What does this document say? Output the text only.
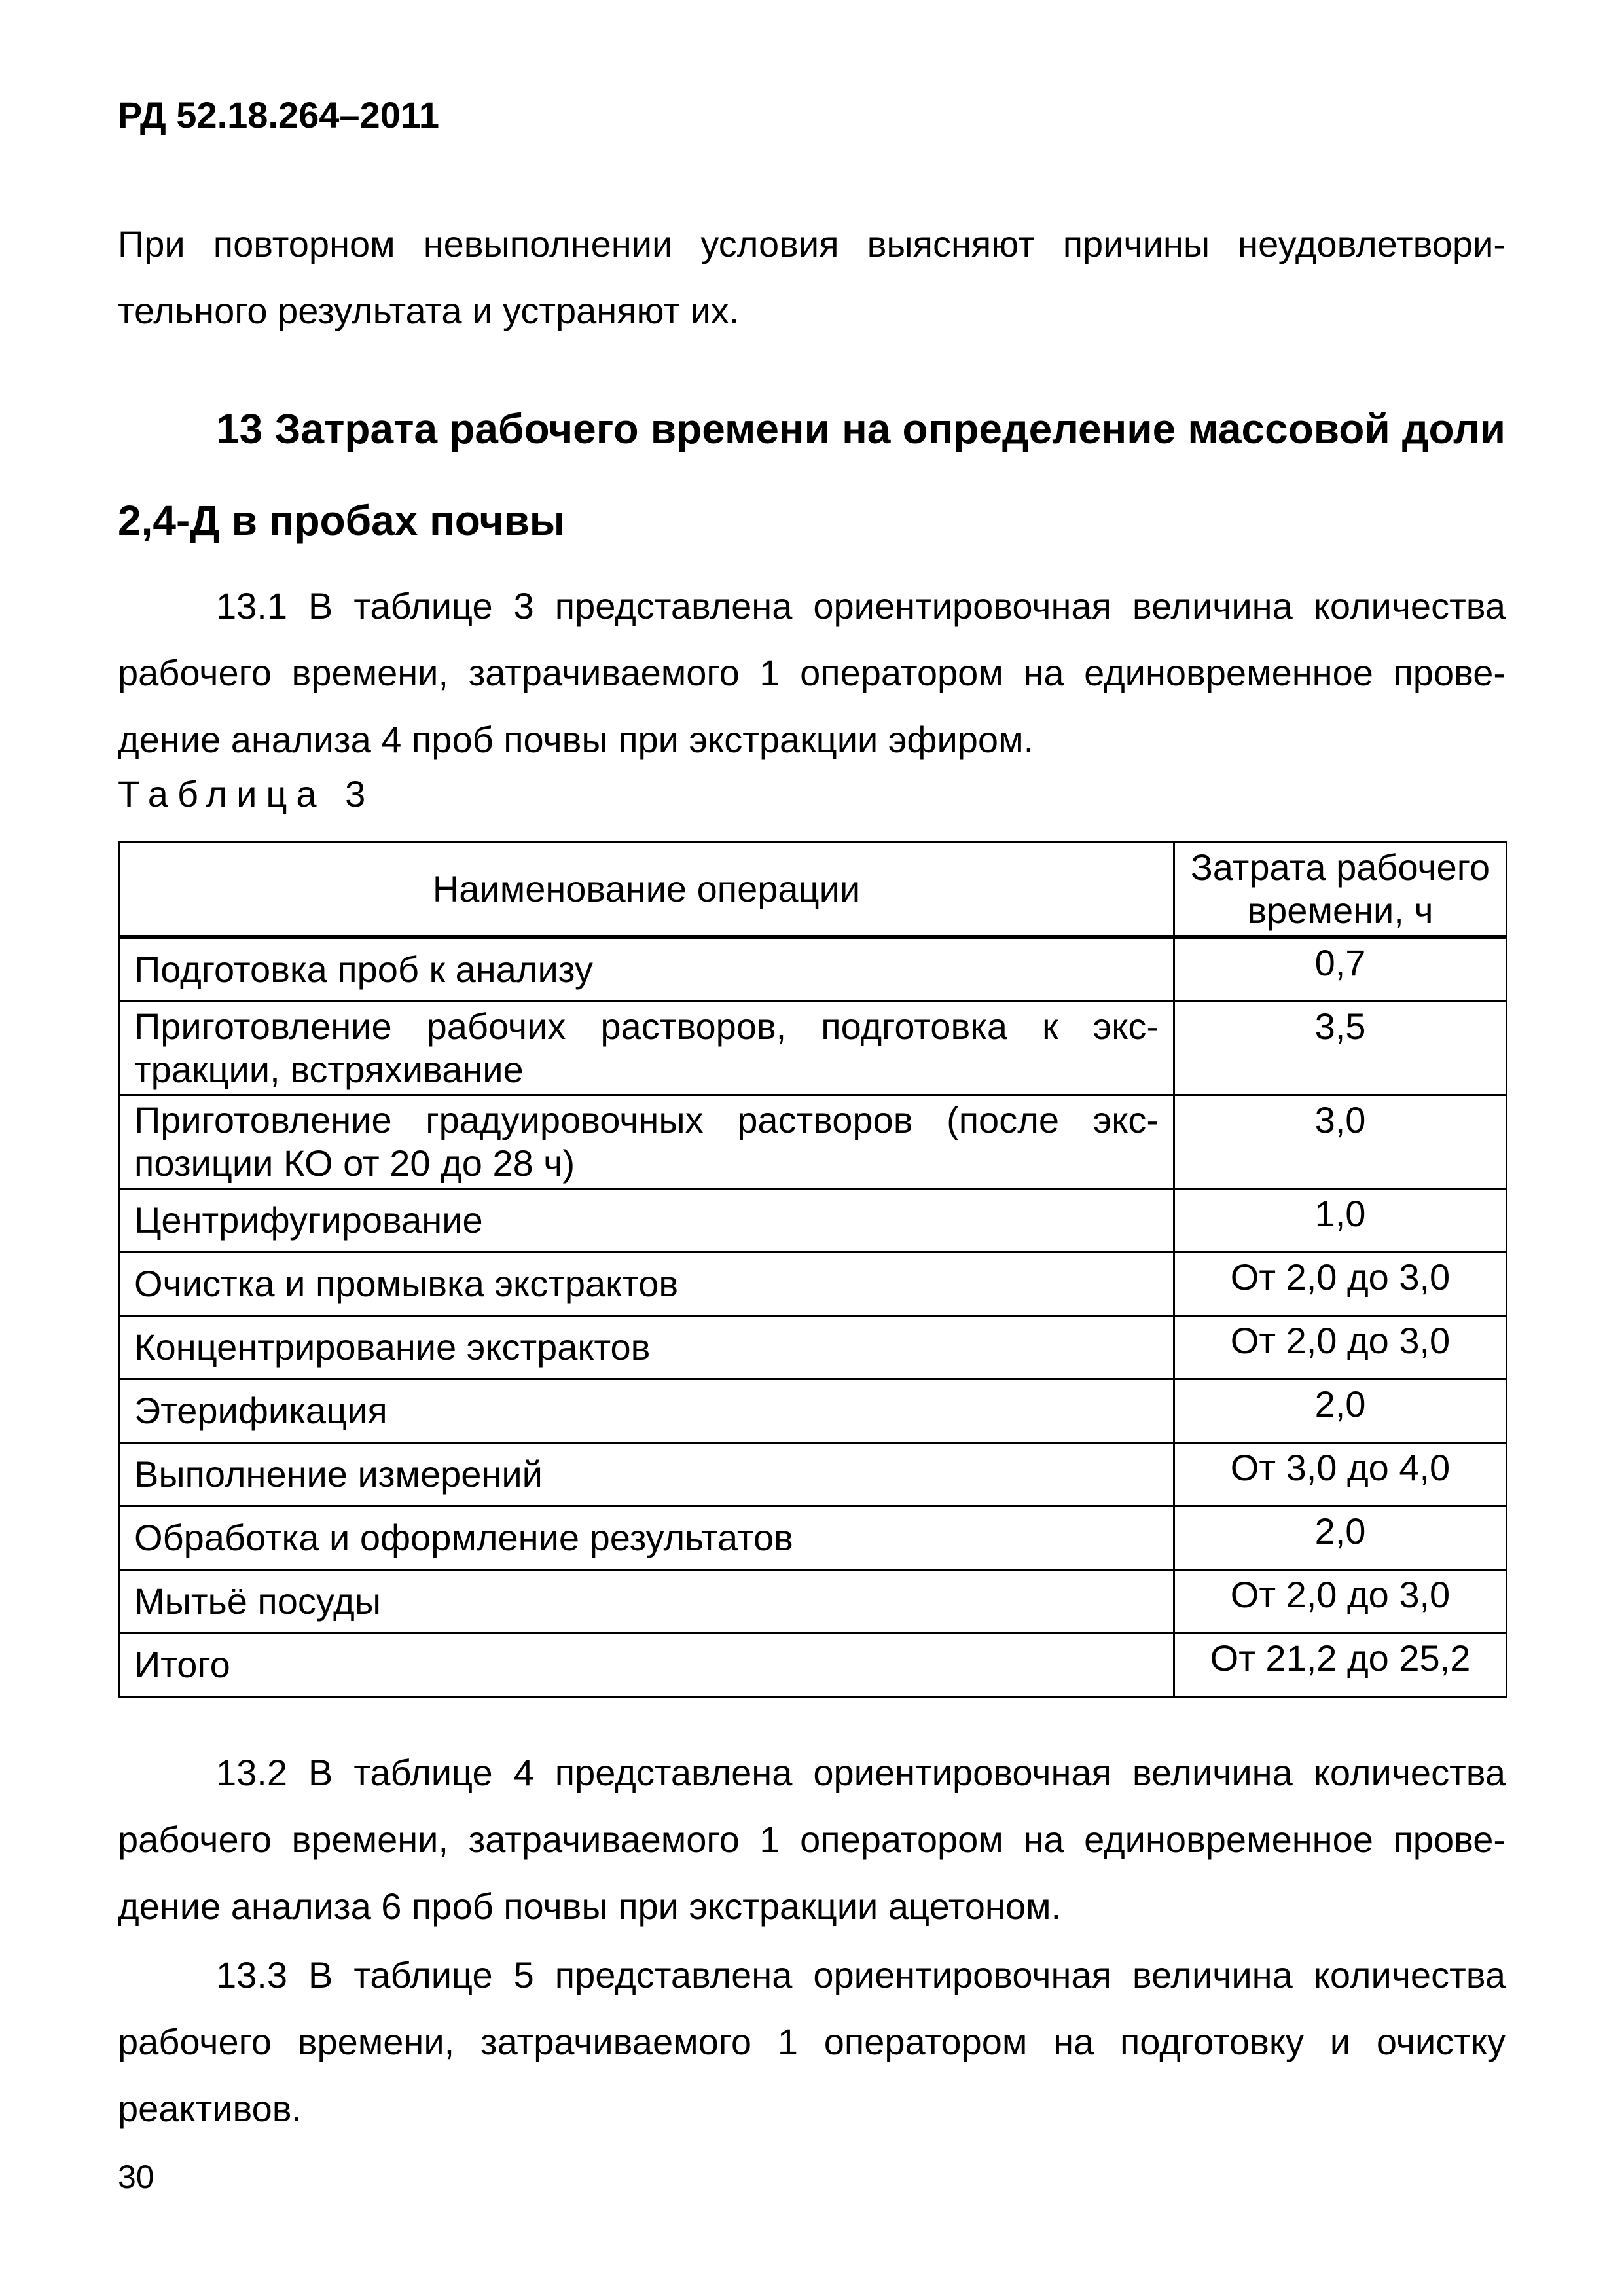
РД 52.18.264–2011

При повторном невыполнении условия выясняют причины неудовлетвори-тельного результата и устраняют их.

13 Затрата рабочего времени на определение массовой доли 2,4-Д в пробах почвы

13.1 В таблице 3 представлена ориентировочная величина количества рабочего времени, затрачиваемого 1 оператором на единовременное прове-дение анализа 4 проб почвы при экстракции эфиром.

Таблица 3
Наименование операции	Затрата рабочего времени, ч
Подготовка проб к анализу	0,7
Приготовление рабочих растворов, подготовка к экс-тракции, встряхивание	3,5
Приготовление градуировочных растворов (после экс-позиции КО от 20 до 28 ч)	3,0
Центрифугирование	1,0
Очистка и промывка экстрактов	От 2,0 до 3,0
Концентрирование экстрактов	От 2,0 до 3,0
Этерификация	2,0
Выполнение измерений	От 3,0 до 4,0
Обработка и оформление результатов	2,0
Мытьё посуды	От 2,0 до 3,0
Итого	От 21,2 до 25,2

13.2 В таблице 4 представлена ориентировочная величина количества рабочего времени, затрачиваемого 1 оператором на единовременное прове-дение анализа 6 проб почвы при экстракции ацетоном.

13.3 В таблице 5 представлена ориентировочная величина количества рабочего времени, затрачиваемого 1 оператором на подготовку и очистку реактивов.

30
